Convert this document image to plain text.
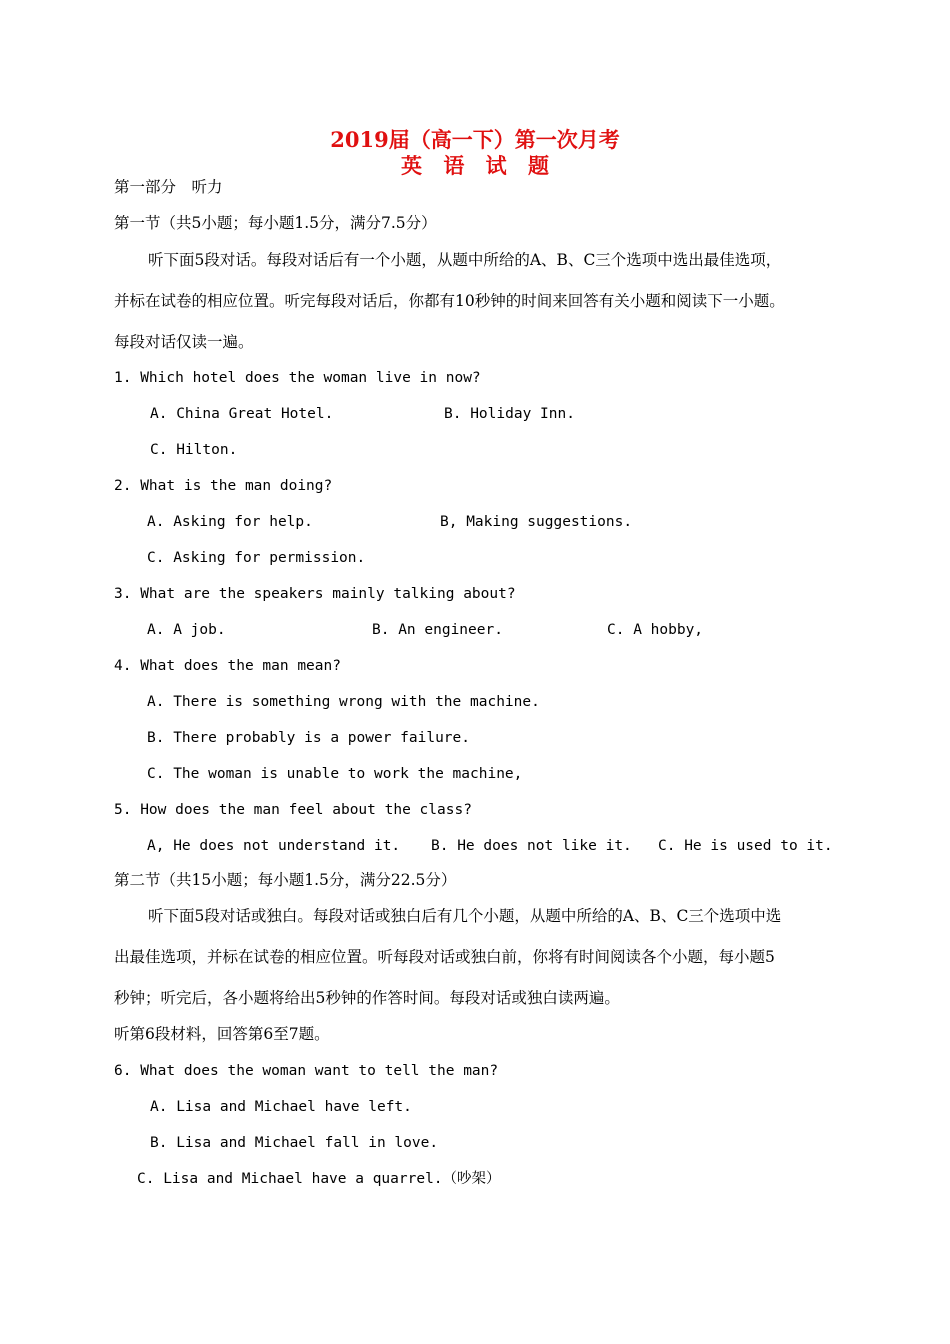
2019届（高一下）第一次月考
英 语 试 题
第一部分　听力
第一节（共5小题；每小题1.5分，满分7.5分）
听下面5段对话。每段对话后有一个小题，从题中所给的A、B、C三个选项中选出最佳选项，
并标在试卷的相应位置。听完每段对话后，你都有10秒钟的时间来回答有关小题和阅读下一小题。
每段对话仅读一遍。
1. Which hotel does the woman live in now?
A. China Great Hotel.	B. Holiday Inn.
C. Hilton.
2. What is the man doing?
A. Asking for help.	B, Making suggestions.
C. Asking for permission.
3. What are the speakers mainly talking about?
A. A job.	B. An engineer.	C. A hobby,
4. What does the man mean?
A. There is something wrong with the machine.
B. There probably is a power failure.
C. The woman is unable to work the machine,
5. How does the man feel about the class?
A, He does not understand it. B. He does not like it. C. He is used to it.
第二节（共15小题；每小题1.5分，满分22.5分）
听下面5段对话或独白。每段对话或独白后有几个小题，从题中所给的A、B、C三个选项中选
出最佳选项，并标在试卷的相应位置。听每段对话或独白前，你将有时间阅读各个小题，每小题5
秒钟；听完后，各小题将给出5秒钟的作答时间。每段对话或独白读两遍。
听第6段材料，回答第6至7题。
6. What does the woman want to tell the man?
A. Lisa and Michael have left.
B. Lisa and Michael fall in love.
C. Lisa and Michael have a quarrel.（吵架）
